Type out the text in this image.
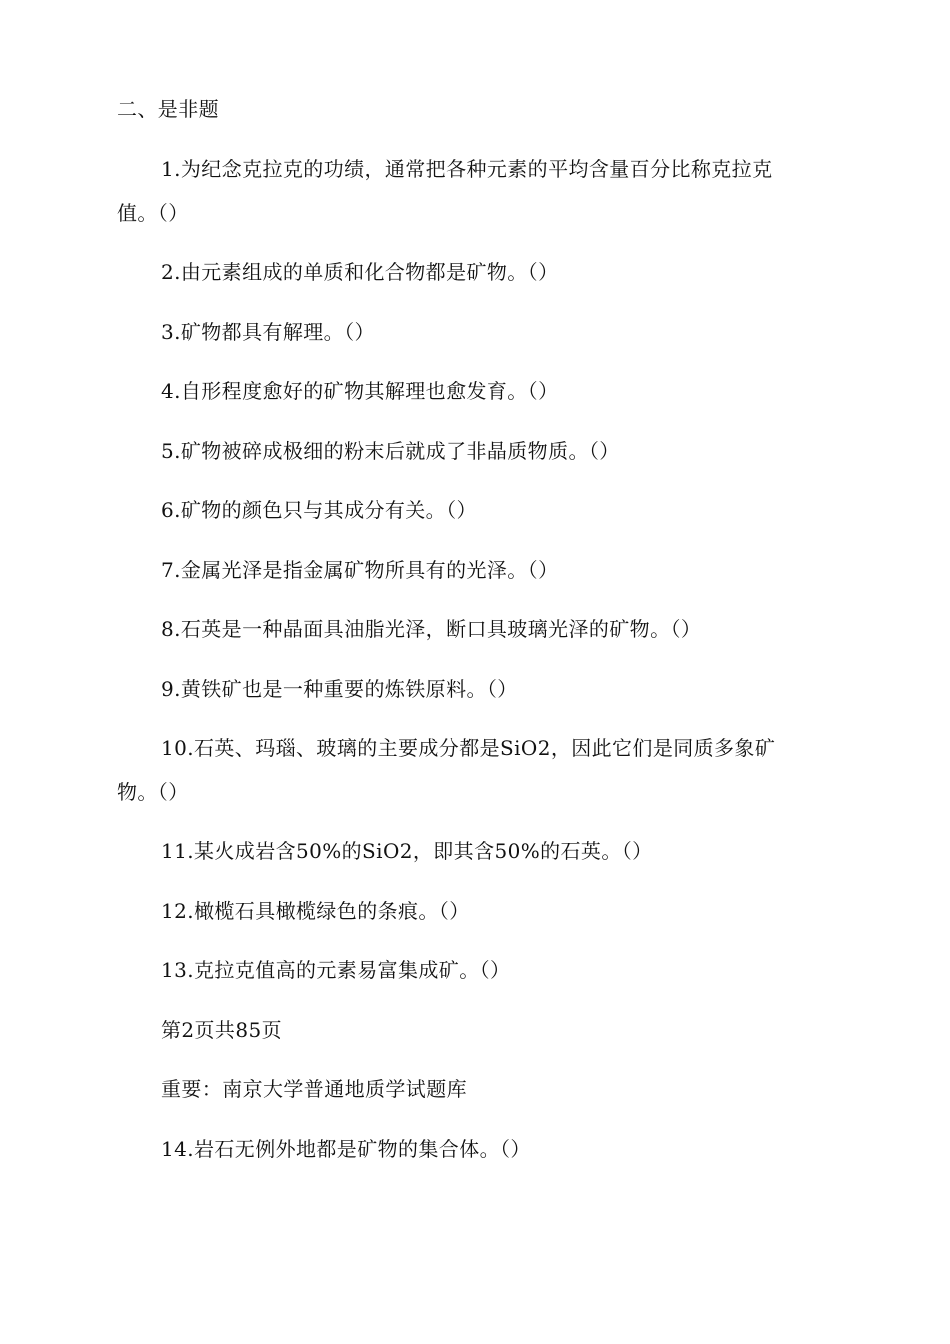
二、是非题
1.为纪念克拉克的功绩，通常把各种元素的平均含量百分比称克拉克
值。（）
2.由元素组成的单质和化合物都是矿物。（）
3.矿物都具有解理。（）
4.自形程度愈好的矿物其解理也愈发育。（）
5.矿物被碎成极细的粉末后就成了非晶质物质。（）
6.矿物的颜色只与其成分有关。（）
7.金属光泽是指金属矿物所具有的光泽。（）
8.石英是一种晶面具油脂光泽，断口具玻璃光泽的矿物。（）
9.黄铁矿也是一种重要的炼铁原料。（）
10.石英、玛瑙、玻璃的主要成分都是SiO2，因此它们是同质多象矿
物。（）
11.某火成岩含50%的SiO2，即其含50%的石英。（）
12.橄榄石具橄榄绿色的条痕。（）
13.克拉克值高的元素易富集成矿。（）
第2页共85页
重要：南京大学普通地质学试题库
14.岩石无例外地都是矿物的集合体。（）
